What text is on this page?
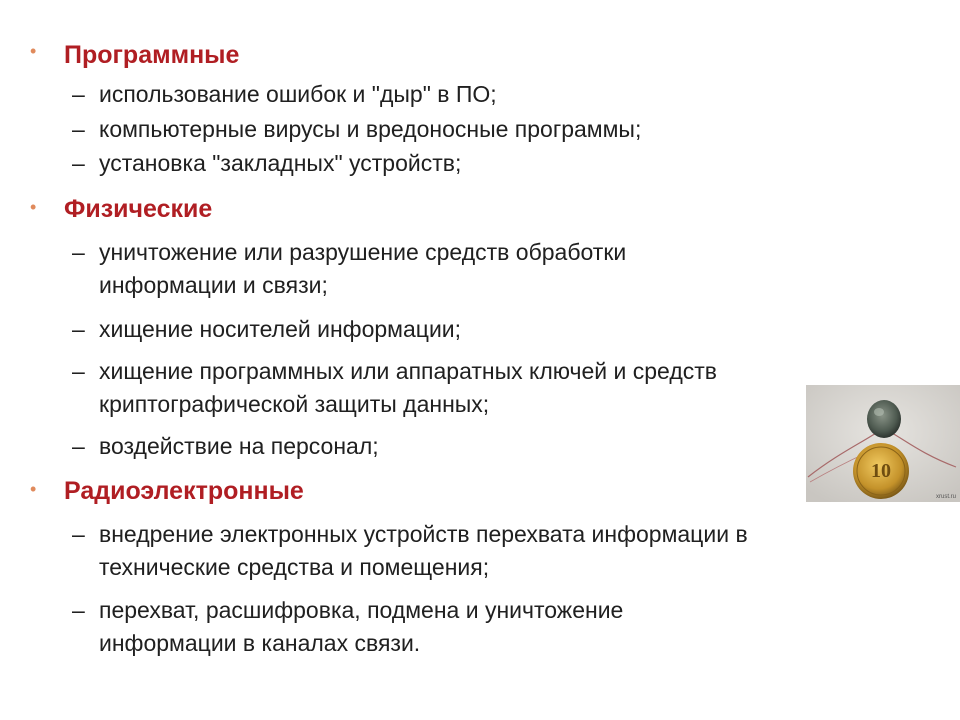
• Программные
– использование ошибок и "дыр" в ПО;
– компьютерные вирусы и вредоносные программы;
– установка "закладных" устройств;
• Физические
– уничтожение или разрушение средств обработки информации и связи;
– хищение носителей информации;
– хищение программных или аппаратных ключей и средств криптографической защиты данных;
– воздействие на персонал;
• Радиоэлектронные
– внедрение электронных устройств перехвата информации в технические средства и помещения;
– перехват, расшифровка, подмена и уничтожение информации в каналах связи.
10
xrust.ru
